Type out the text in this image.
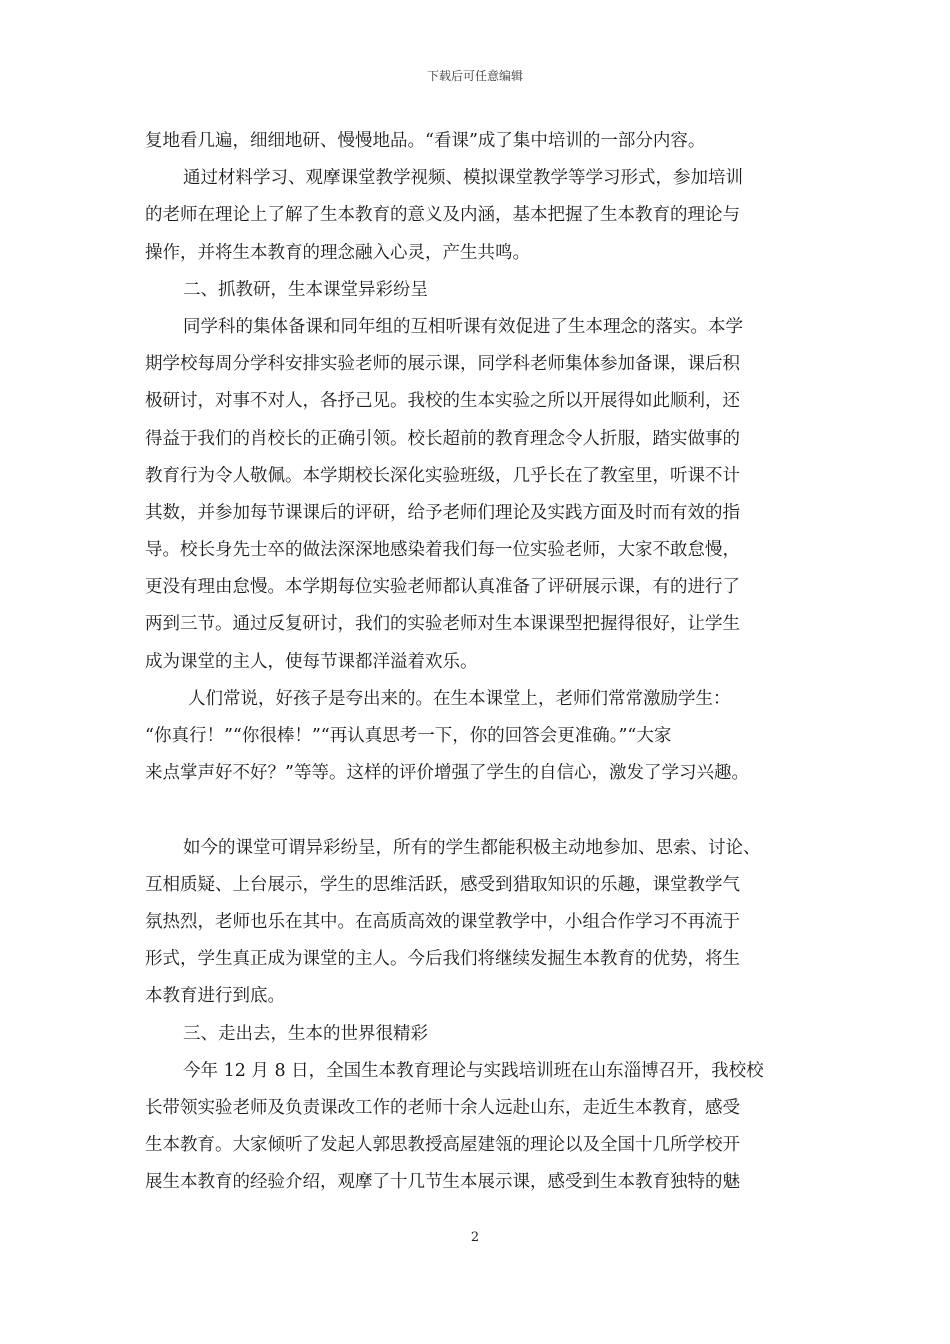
下载后可任意编辑
复地看几遍，细细地研、慢慢地品。“看课”成了集中培训的一部分内容。
通过材料学习、观摩课堂教学视频、模拟课堂教学等学习形式，参加培训
的老师在理论上了解了生本教育的意义及内涵，基本把握了生本教育的理论与
操作，并将生本教育的理念融入心灵，产生共鸣。
二、抓教研，生本课堂异彩纷呈
同学科的集体备课和同年组的互相听课有效促进了生本理念的落实。本学
期学校每周分学科安排实验老师的展示课，同学科老师集体参加备课，课后积
极研讨，对事不对人，各抒己见。我校的生本实验之所以开展得如此顺利，还
得益于我们的肖校长的正确引领。校长超前的教育理念令人折服，踏实做事的
教育行为令人敬佩。本学期校长深化实验班级，几乎长在了教室里，听课不计
其数，并参加每节课课后的评研，给予老师们理论及实践方面及时而有效的指
导。校长身先士卒的做法深深地感染着我们每一位实验老师，大家不敢怠慢，
更没有理由怠慢。本学期每位实验老师都认真准备了评研展示课，有的进行了
两到三节。通过反复研讨，我们的实验老师对生本课课型把握得很好，让学生
成为课堂的主人，使每节课都洋溢着欢乐。
人们常说，好孩子是夸出来的。在生本课堂上，老师们常常激励学生：
“你真行！”“你很棒！”“再认真思考一下，你的回答会更准确。”“大家
来点掌声好不好？”等等。这样的评价增强了学生的自信心，激发了学习兴趣。
如今的课堂可谓异彩纷呈，所有的学生都能积极主动地参加、思索、讨论、
互相质疑、上台展示，学生的思维活跃，感受到猎取知识的乐趣，课堂教学气
氛热烈，老师也乐在其中。在高质高效的课堂教学中，小组合作学习不再流于
形式，学生真正成为课堂的主人。今后我们将继续发掘生本教育的优势，将生
本教育进行到底。
三、走出去，生本的世界很精彩
今年 12 月 8 日，全国生本教育理论与实践培训班在山东淄博召开，我校校
长带领实验老师及负责课改工作的老师十余人远赴山东，走近生本教育，感受
生本教育。大家倾听了发起人郭思教授高屋建瓴的理论以及全国十几所学校开
展生本教育的经验介绍，观摩了十几节生本展示课，感受到生本教育独特的魅
2
